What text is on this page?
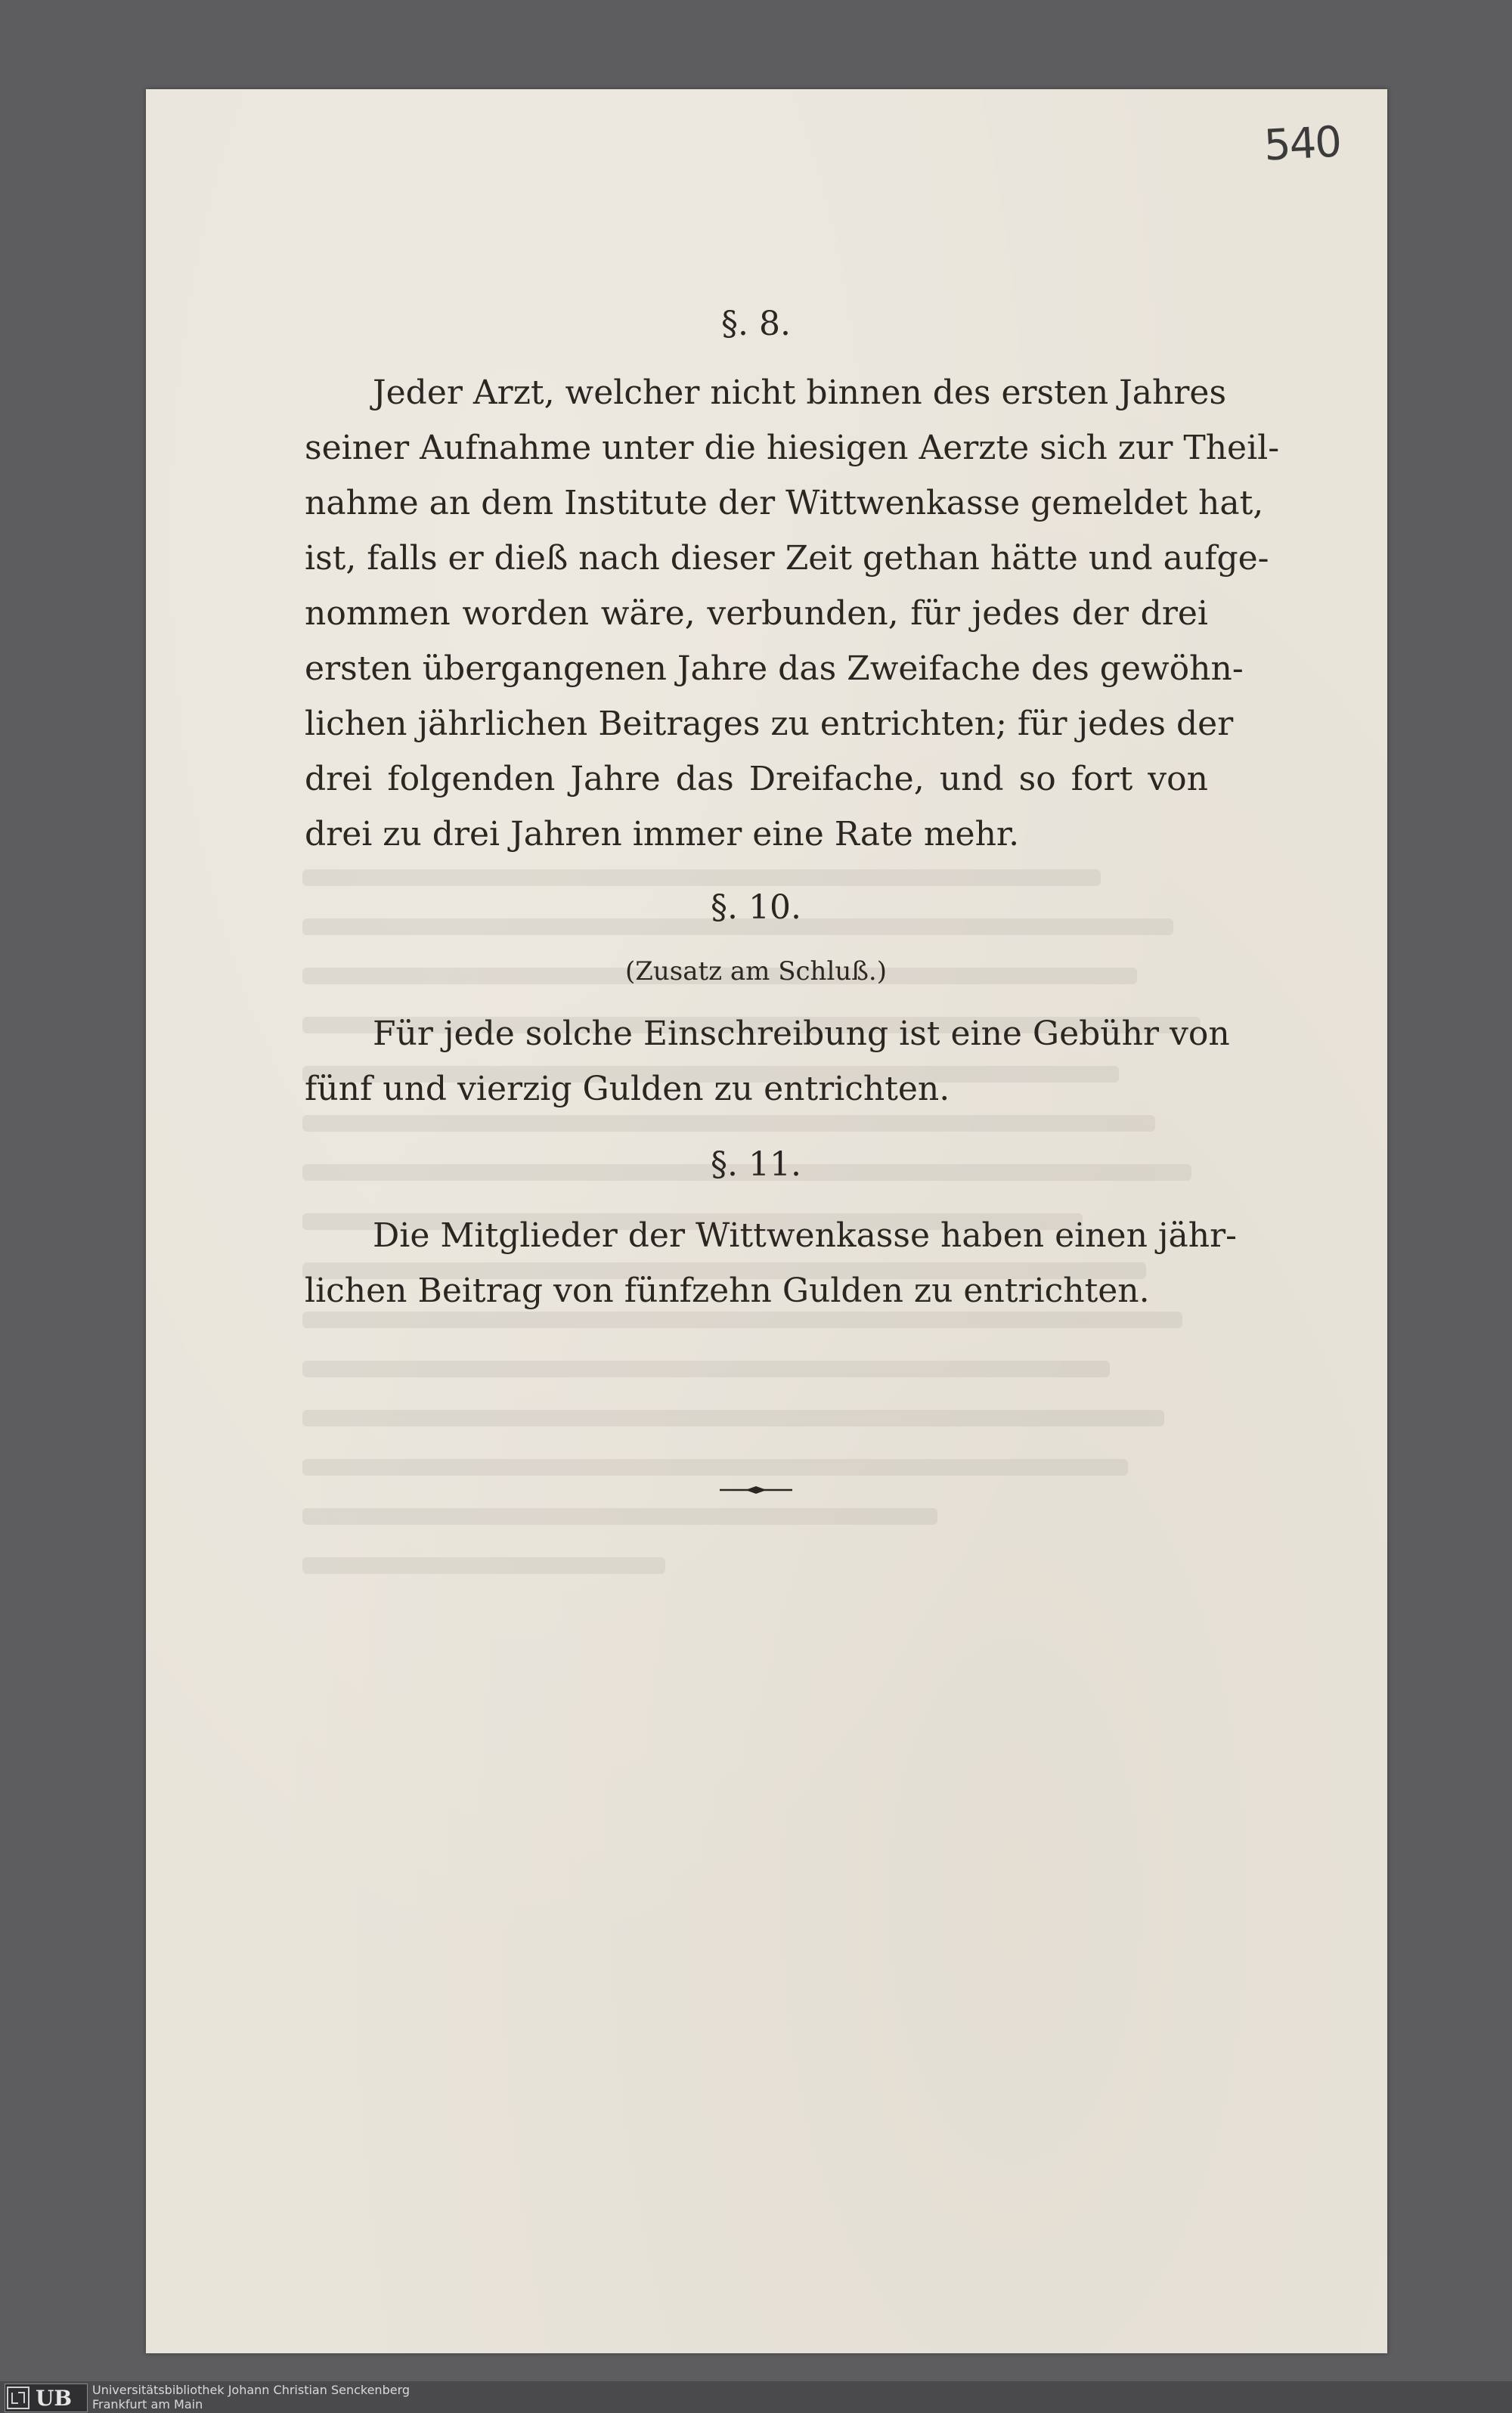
540
§. 8.
Jeder Arzt, welcher nicht binnen des ersten Jahres
seiner Aufnahme unter die hiesigen Aerzte sich zur Theil-
nahme an dem Institute der Wittwenkasse gemeldet hat,
ist, falls er dieß nach dieser Zeit gethan hätte und aufge-
nommen worden wäre, verbunden, für jedes der drei
ersten übergangenen Jahre das Zweifache des gewöhn-
lichen jährlichen Beitrages zu entrichten; für jedes der
drei folgenden Jahre das Dreifache, und so fort von
drei zu drei Jahren immer eine Rate mehr.
§. 10.
(Zusatz am Schluß.)
Für jede solche Einschreibung ist eine Gebühr von
fünf und vierzig Gulden zu entrichten.
§. 11.
Die Mitglieder der Wittwenkasse haben einen jähr-
lichen Beitrag von fünfzehn Gulden zu entrichten.
UB Universitätsbibliothek Johann Christian Senckenberg
Frankfurt am Main
